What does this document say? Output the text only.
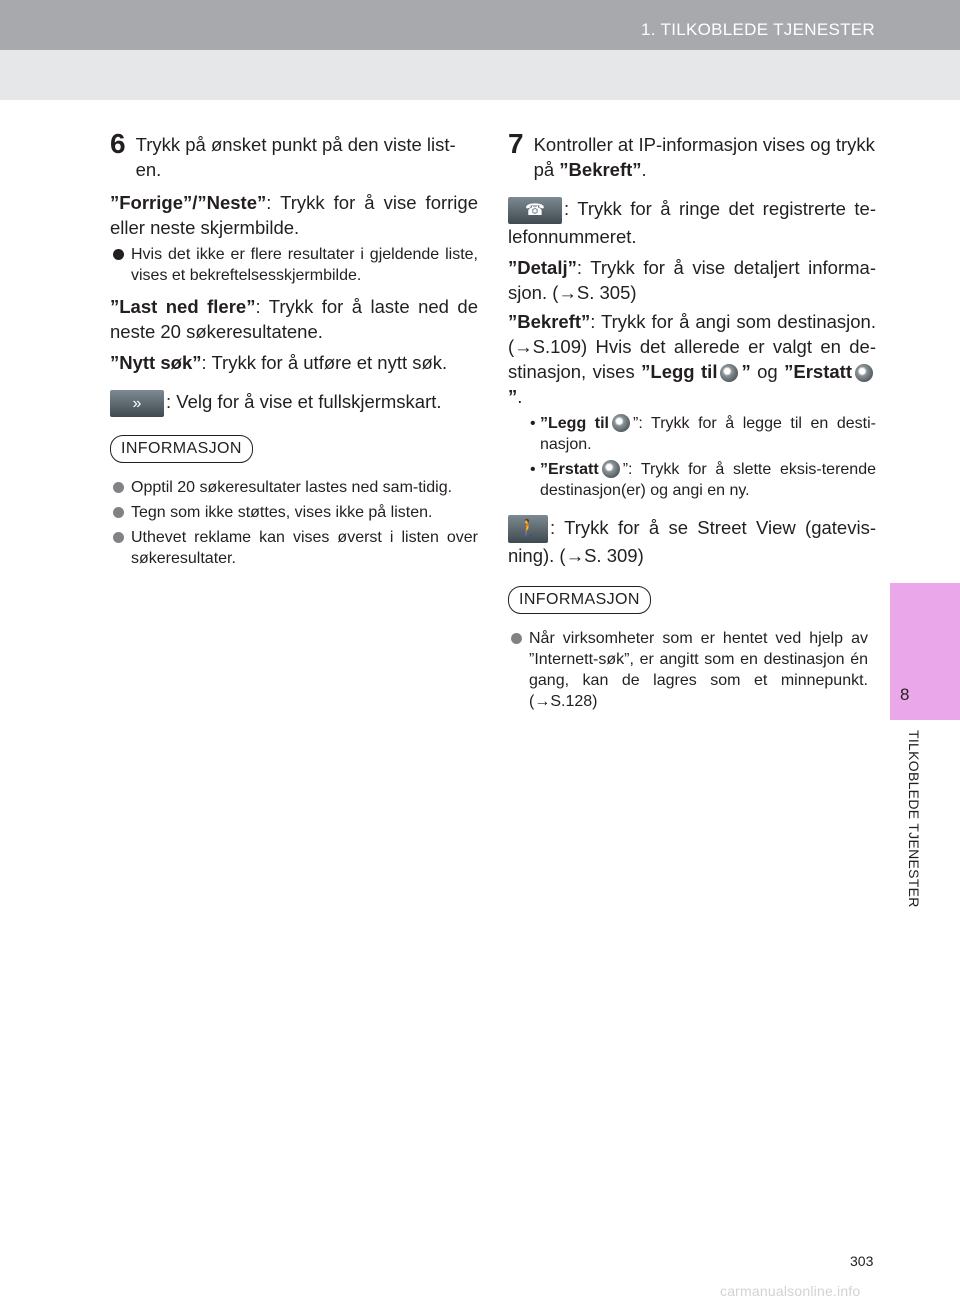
1. TILKOBLEDE TJENESTER
8
TILKOBLEDE TJENESTER
6 Trykk på ønsket punkt på den viste list-en.

”Forrige”/”Neste”: Trykk for å vise forrige eller neste skjermbilde.

Hvis det ikke er flere resultater i gjeldende liste, vises et bekreftelsesskjermbilde.

”Last ned flere”: Trykk for å laste ned de neste 20 søkeresultatene.

”Nytt søk”: Trykk for å utføre et nytt søk.

» : Velg for å vise et fullskjermskart.

INFORMASJON

Opptil 20 søkeresultater lastes ned sam-tidig.

Tegn som ikke støttes, vises ikke på listen.

Uthevet reklame kan vises øverst i listen over søkeresultater.

7 Kontroller at IP-informasjon vises og trykk på ”Bekreft”.

☎ : Trykk for å ringe det registrerte te-lefonnummeret.

”Detalj”: Trykk for å vise detaljert informa-sjon. (→S. 305)

”Bekreft”: Trykk for å angi som destinasjon. (→S.109) Hvis det allerede er valgt en de-stinasjon, vises ”Legg til ” og ”Erstatt”.

• ”Legg til ”: Trykk for å legge til en desti-nasjon.

• ”Erstatt ”: Trykk for å slette eksis-terende destinasjon(er) og angi en ny.

🚶 : Trykk for å se Street View (gatevis-ning). (→S. 309)

INFORMASJON

Når virksomheter som er hentet ved hjelp av ”Internett-søk”, er angitt som en destinasjon én gang, kan de lagres som et minnepunkt. (→S.128)

303
carmanualsonline.info
